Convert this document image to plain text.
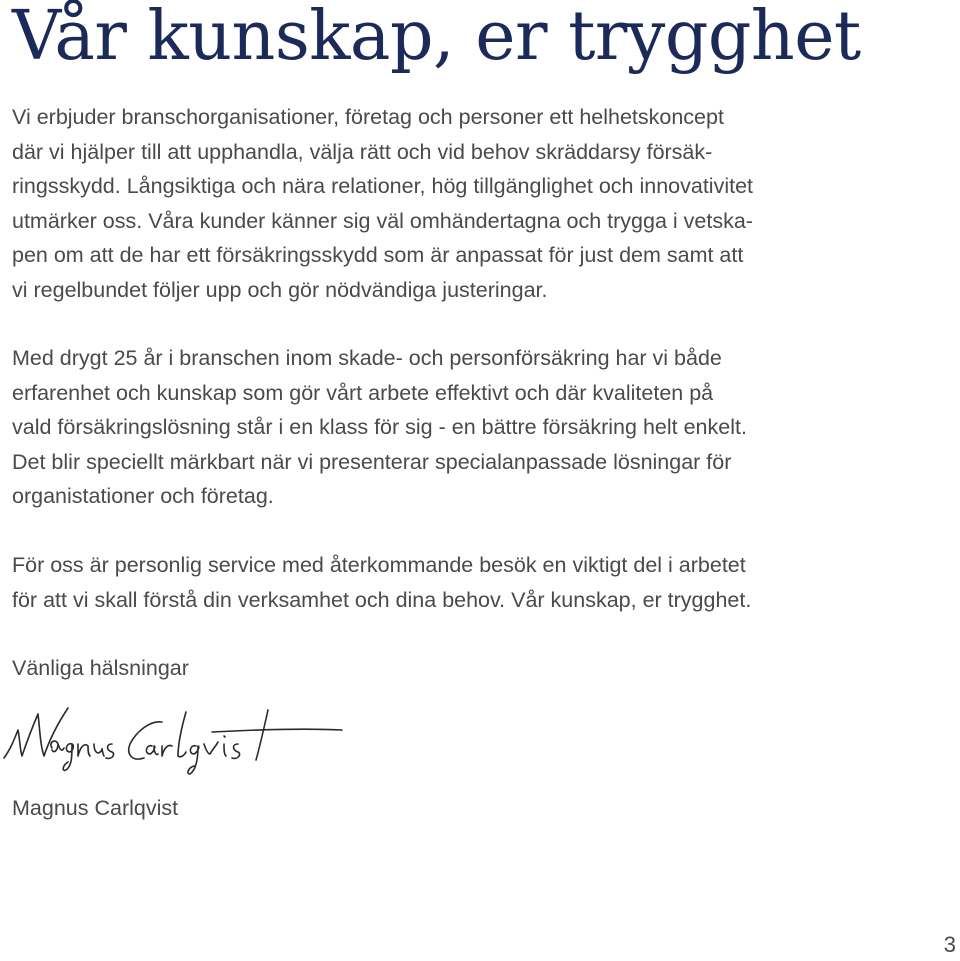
Vår kunskap, er trygghet

Vi erbjuder branschorganisationer, företag och personer ett helhetskoncept
där vi hjälper till att upphandla, välja rätt och vid behov skräddarsy försäk-
ringsskydd. Långsiktiga och nära relationer, hög tillgänglighet och innovativitet
utmärker oss. Våra kunder känner sig väl omhändertagna och trygga i vetska-
pen om att de har ett försäkringsskydd som är anpassat för just dem samt att
vi regelbundet följer upp och gör nödvändiga justeringar.

Med drygt 25 år i branschen inom skade- och personförsäkring har vi både
erfarenhet och kunskap som gör vårt arbete effektivt och där kvaliteten på
vald försäkringslösning står i en klass för sig - en bättre försäkring helt enkelt.
Det blir speciellt märkbart när vi presenterar specialanpassade lösningar för
organistationer och företag.

För oss är personlig service med återkommande besök en viktigt del i arbetet
för att vi skall förstå din verksamhet och dina behov. Vår kunskap, er trygghet.

Vänliga hälsningar

Magnus Carlqvist

3
